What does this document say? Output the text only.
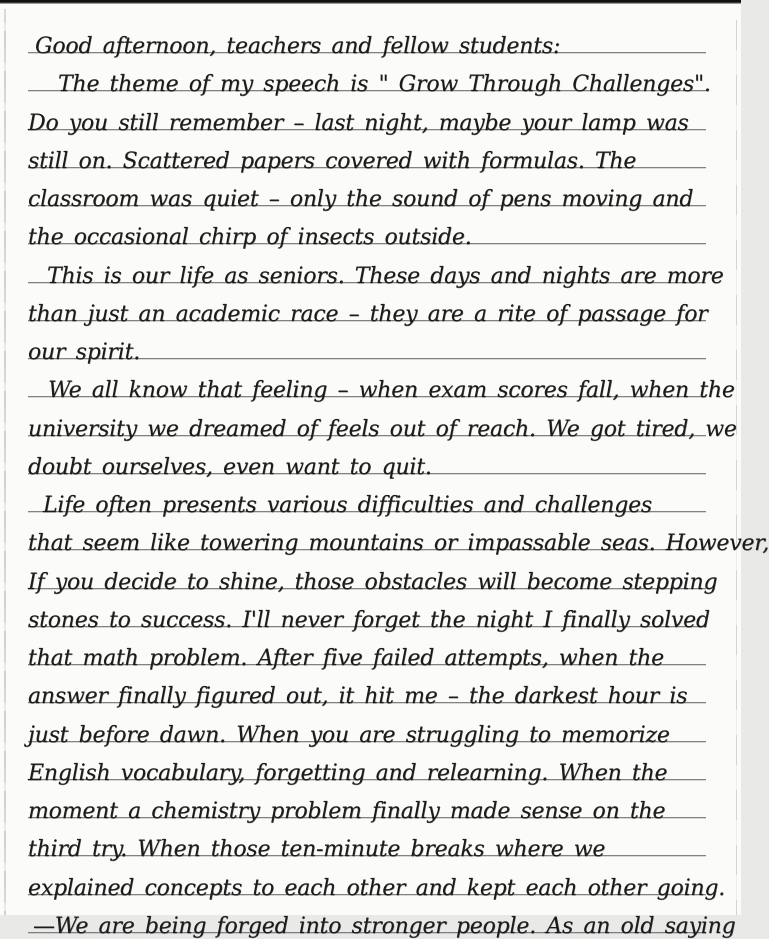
Good afternoon, teachers and fellow students:
The theme of my speech is " Grow Through Challenges".
Do you still remember – last night, maybe your lamp was
still on. Scattered papers covered with formulas. The
classroom was quiet – only the sound of pens moving and
the occasional chirp of insects outside.
This is our life as seniors. These days and nights are more
than just an academic race – they are a rite of passage for
our spirit.
We all know that feeling – when exam scores fall, when the
university we dreamed of feels out of reach. We got tired, we
doubt ourselves, even want to quit.
Life often presents various difficulties and challenges
that seem like towering mountains or impassable seas. However,
If you decide to shine, those obstacles will become stepping
stones to success. I'll never forget the night I finally solved
that math problem. After five failed attempts, when the
answer finally figured out, it hit me – the darkest hour is
just before dawn. When you are struggling to memorize
English vocabulary, forgetting and relearning. When the
moment a chemistry problem finally made sense on the
third try. When those ten-minute breaks where we
explained concepts to each other and kept each other going.
—We are being forged into stronger people. As an old saying
